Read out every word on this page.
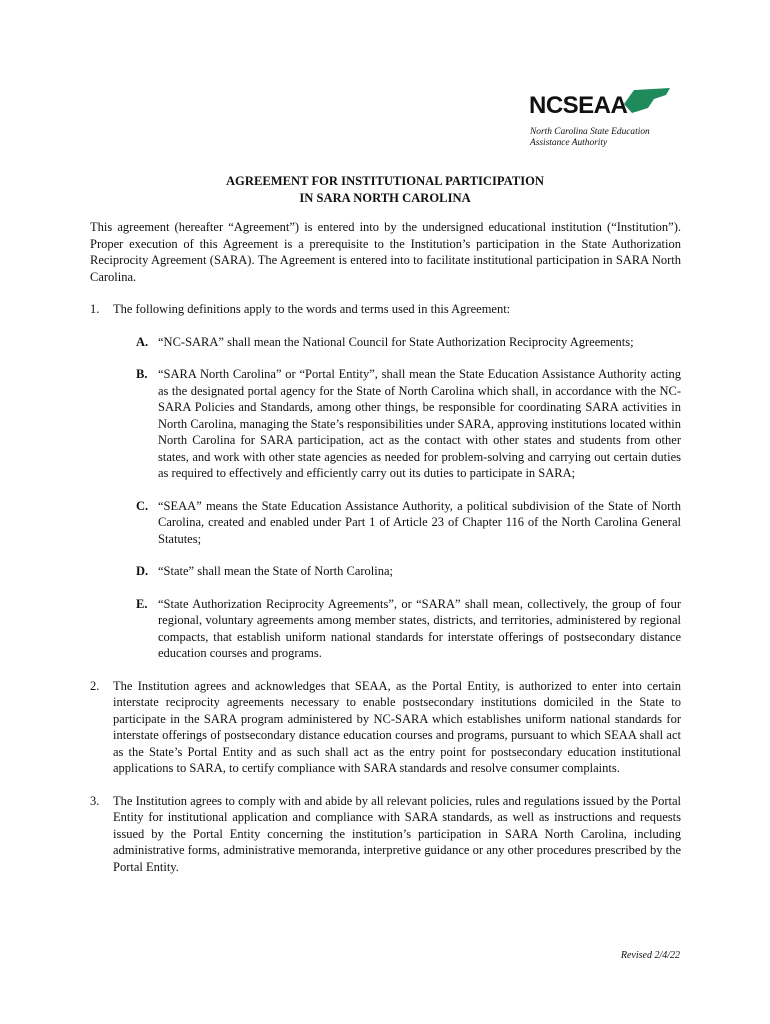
NCSEAA
North Carolina State Education
Assistance Authority
AGREEMENT FOR INSTITUTIONAL PARTICIPATION
IN SARA NORTH CAROLINA

This agreement (hereafter “Agreement”) is entered into by the undersigned educational institution (“Institution”). Proper execution of this Agreement is a prerequisite to the Institution’s participation in the State Authorization Reciprocity Agreement (SARA). The Agreement is entered into to facilitate institutional participation in SARA North Carolina.

1. The following definitions apply to the words and terms used in this Agreement:
A. “NC-SARA” shall mean the National Council for State Authorization Reciprocity Agreements;
B. “SARA North Carolina” or “Portal Entity”, shall mean the State Education Assistance Authority acting as the designated portal agency for the State of North Carolina which shall, in accordance with the NC-SARA Policies and Standards, among other things, be responsible for coordinating SARA activities in North Carolina, managing the State’s responsibilities under SARA, approving institutions located within North Carolina for SARA participation, act as the contact with other states and students from other states, and work with other state agencies as needed for problem-solving and carrying out certain duties as required to effectively and efficiently carry out its duties to participate in SARA;
C. “SEAA” means the State Education Assistance Authority, a political subdivision of the State of North Carolina, created and enabled under Part 1 of Article 23 of Chapter 116 of the North Carolina General Statutes;
D. “State” shall mean the State of North Carolina;
E. “State Authorization Reciprocity Agreements”, or “SARA” shall mean, collectively, the group of four regional, voluntary agreements among member states, districts, and territories, administered by regional compacts, that establish uniform national standards for interstate offerings of postsecondary distance education courses and programs.
2. The Institution agrees and acknowledges that SEAA, as the Portal Entity, is authorized to enter into certain interstate reciprocity agreements necessary to enable postsecondary institutions domiciled in the State to participate in the SARA program administered by NC-SARA which establishes uniform national standards for interstate offerings of postsecondary distance education courses and programs, pursuant to which SEAA shall act as the State’s Portal Entity and as such shall act as the entry point for postsecondary education institutional applications to SARA, to certify compliance with SARA standards and resolve consumer complaints.
3. The Institution agrees to comply with and abide by all relevant policies, rules and regulations issued by the Portal Entity for institutional application and compliance with SARA standards, as well as instructions and requests issued by the Portal Entity concerning the institution’s participation in SARA North Carolina, including administrative forms, administrative memoranda, interpretive guidance or any other procedures prescribed by the Portal Entity.
Revised 2/4/22
